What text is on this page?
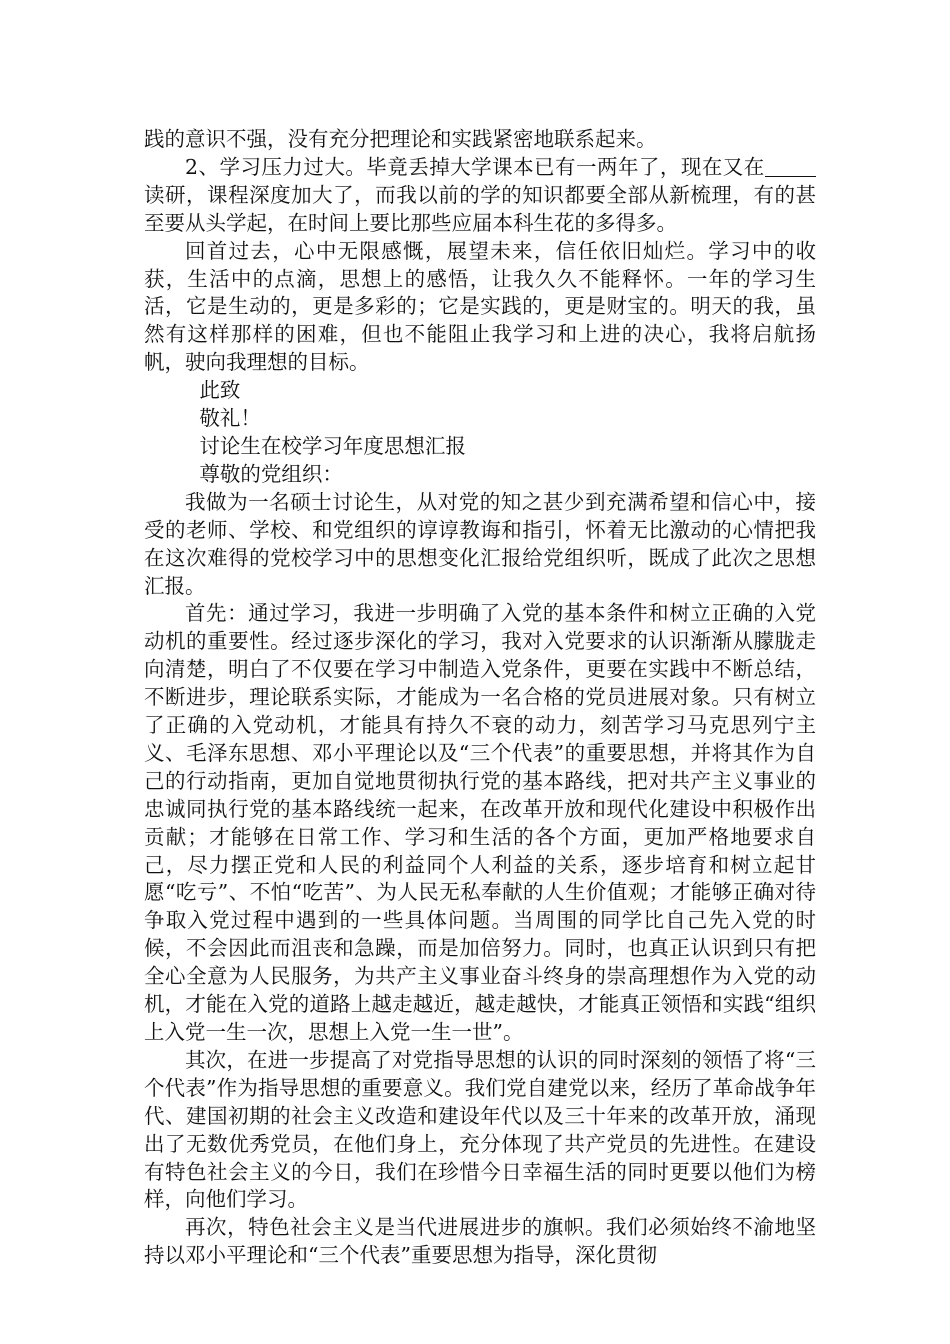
践的意识不强，没有充分把理论和实践紧密地联系起来。

2、学习压力过大。毕竟丢掉大学课本已有一两年了，现在又在读研，课程深度加大了，而我以前的学的知识都要全部从新梳理，有的甚至要从头学起，在时间上要比那些应届本科生花的多得多。

回首过去，心中无限感慨，展望未来，信任依旧灿烂。学习中的收获，生活中的点滴，思想上的感悟，让我久久不能释怀。一年的学习生活，它是生动的，更是多彩的；它是实践的，更是财宝的。明天的我，虽然有这样那样的困难，但也不能阻止我学习和上进的决心，我将启航扬帆，驶向我理想的目标。

此致

敬礼！

讨论生在校学习年度思想汇报

尊敬的党组织：

我做为一名硕士讨论生，从对党的知之甚少到充满希望和信心中，接受的老师、学校、和党组织的谆谆教诲和指引，怀着无比激动的心情把我在这次难得的党校学习中的思想变化汇报给党组织听，既成了此次之思想汇报。

首先：通过学习，我进一步明确了入党的基本条件和树立正确的入党动机的重要性。经过逐步深化的学习，我对入党要求的认识渐渐从朦胧走向清楚，明白了不仅要在学习中制造入党条件，更要在实践中不断总结，不断进步，理论联系实际，才能成为一名合格的党员进展对象。只有树立了正确的入党动机，才能具有持久不衰的动力，刻苦学习马克思列宁主义、毛泽东思想、邓小平理论以及“三个代表”的重要思想，并将其作为自己的行动指南，更加自觉地贯彻执行党的基本路线，把对共产主义事业的忠诚同执行党的基本路线统一起来，在改革开放和现代化建设中积极作出贡献；才能够在日常工作、学习和生活的各个方面，更加严格地要求自己，尽力摆正党和人民的利益同个人利益的关系，逐步培育和树立起甘愿“吃亏”、不怕“吃苦”、为人民无私奉献的人生价值观；才能够正确对待争取入党过程中遇到的一些具体问题。当周围的同学比自己先入党的时候，不会因此而沮丧和急躁，而是加倍努力。同时，也真正认识到只有把全心全意为人民服务，为共产主义事业奋斗终身的崇高理想作为入党的动机，才能在入党的道路上越走越近，越走越快，才能真正领悟和实践“组织上入党一生一次，思想上入党一生一世”。

其次，在进一步提高了对党指导思想的认识的同时深刻的领悟了将“三个代表”作为指导思想的重要意义。我们党自建党以来，经历了革命战争年代、建国初期的社会主义改造和建设年代以及三十年来的改革开放，涌现出了无数优秀党员，在他们身上，充分体现了共产党员的先进性。在建设有特色社会主义的今日，我们在珍惜今日幸福生活的同时更要以他们为榜样，向他们学习。

再次，特色社会主义是当代进展进步的旗帜。我们必须始终不渝地坚持以邓小平理论和“三个代表”重要思想为指导，深化贯彻
